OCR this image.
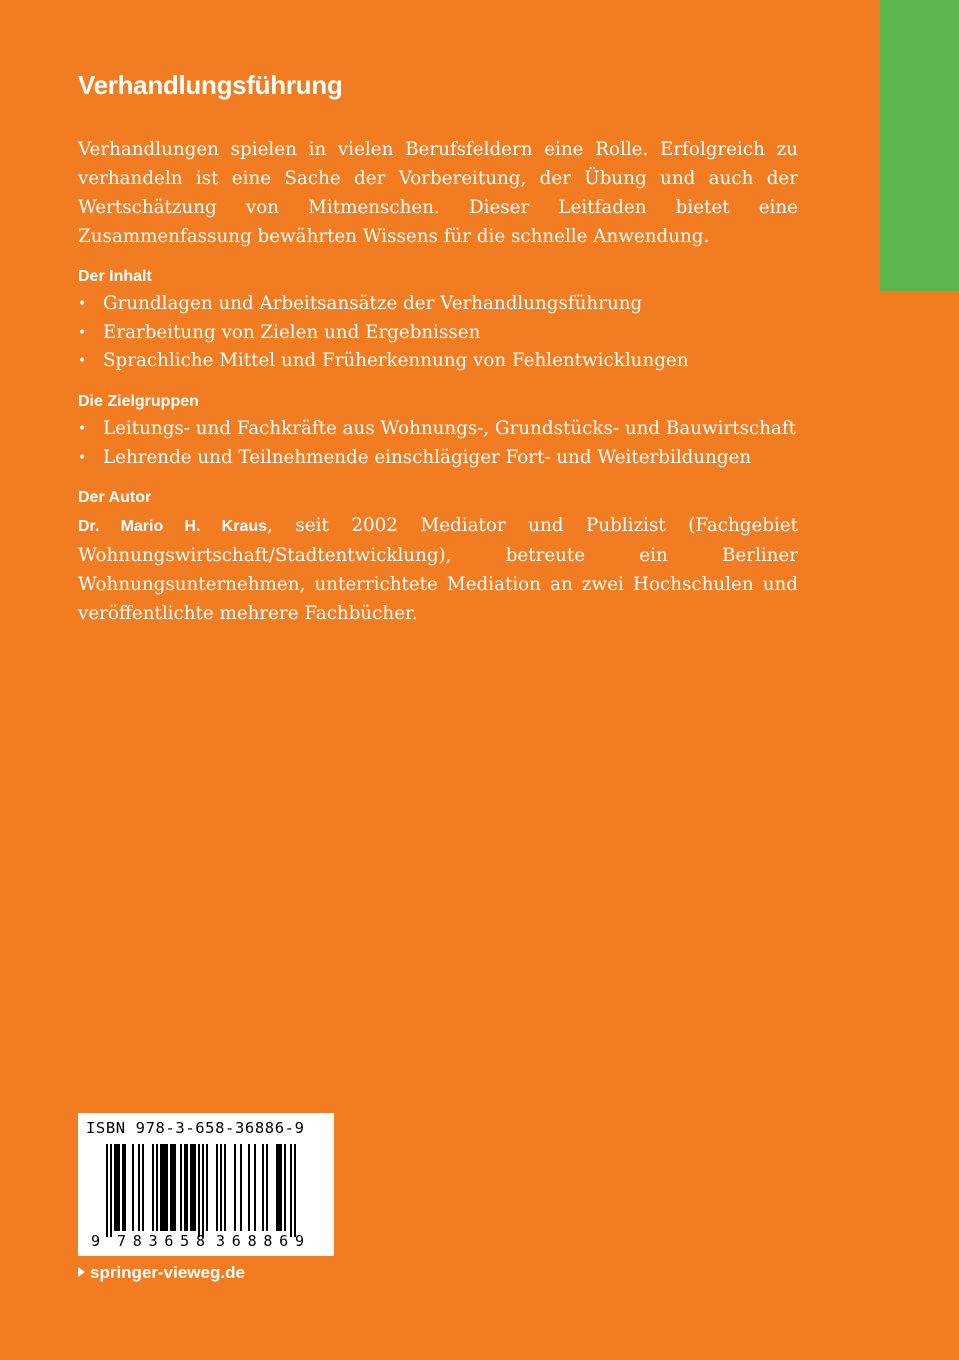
Verhandlungsführung

Verhandlungen spielen in vielen Berufsfeldern eine Rolle. Erfolgreich zu verhandeln ist eine Sache der Vorbereitung, der Übung und auch der Wertschätzung von Mitmenschen. Dieser Leitfaden bietet eine Zusammenfassung bewährten Wissens für die schnelle Anwendung.

Der Inhalt
• Grundlagen und Arbeitsansätze der Verhandlungsführung
• Erarbeitung von Zielen und Ergebnissen
• Sprachliche Mittel und Früherkennung von Fehlentwicklungen
Die Zielgruppen
• Leitungs- und Fachkräfte aus Wohnungs-, Grundstücks- und Bauwirtschaft
• Lehrende und Teilnehmende einschlägiger Fort- und Weiterbildungen
Der Autor

Dr. Mario H. Kraus, seit 2002 Mediator und Publizist (Fachgebiet Wohnungswirtschaft/Stadtentwicklung), betreute ein Berliner Wohnungsunternehmen, unterrichtete Mediation an zwei Hochschulen und veröffentlichte mehrere Fachbücher.

9 783658 368869
ISBN 978-3-658-36886-9
springer-vieweg.de
